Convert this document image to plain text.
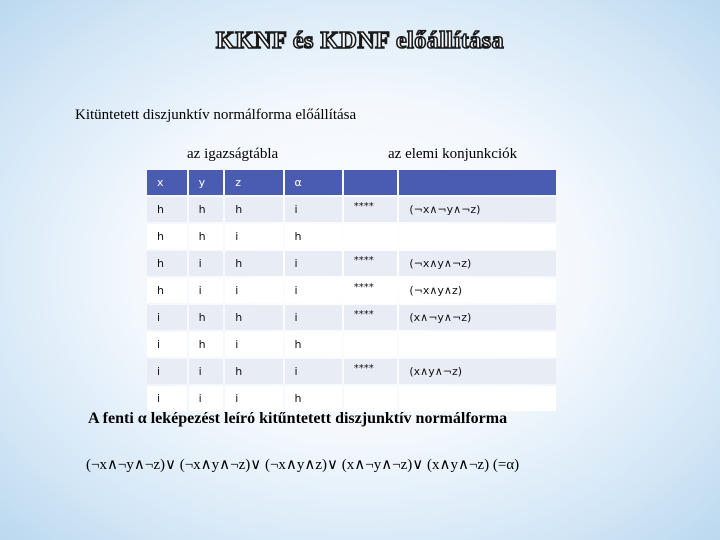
KKNF és KDNF előállítása
Kitüntetett diszjunktív normálforma előállítása
az igazságtábla	az elemi konjunkciók
x	y	z	α		
h	h	h	i	****	(¬x∧¬y∧¬z)
h	h	i	h		
h	i	h	i	****	(¬x∧y∧¬z)
h	i	i	i	****	(¬x∧y∧z)
i	h	h	i	****	(x∧¬y∧¬z)
i	h	i	h		
i	i	h	i	****	(x∧y∧¬z)
i	i	i	h		
A fenti α leképezést leíró kitűntetett diszjunktív normálforma
(¬x∧¬y∧¬z)∨ (¬x∧y∧¬z)∨ (¬x∧y∧z)∨ (x∧¬y∧¬z)∨ (x∧y∧¬z) (=α)
